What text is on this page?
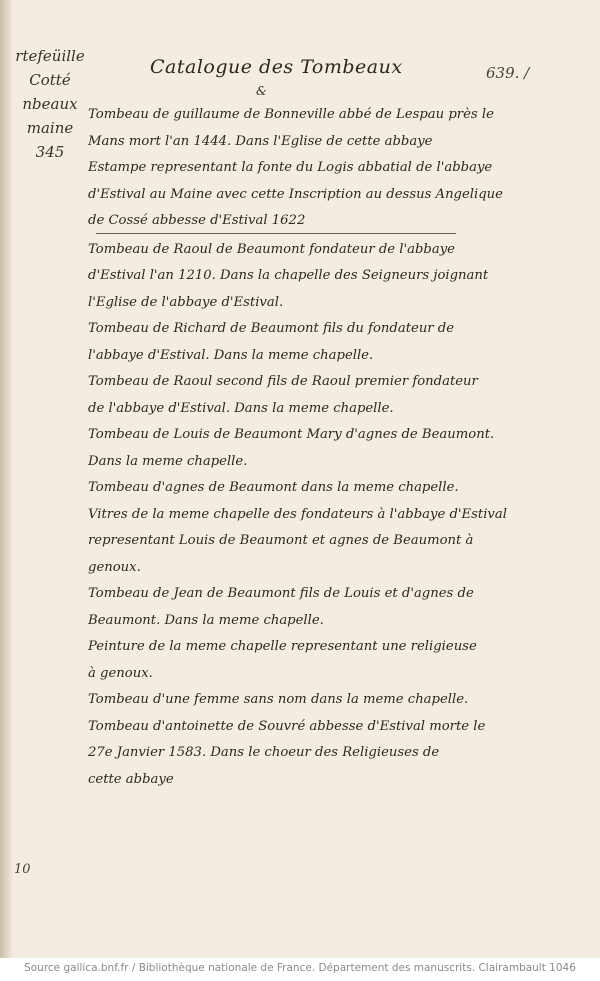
rtefeüille
Cotté
nbeaux
maine
345
Catalogue des Tombeaux
&
639. /
Tombeau de guillaume de Bonneville abbé de Lespau près le
Mans mort l'an 1444. Dans l'Eglise de cette abbaye
Estampe representant la fonte du Logis abbatial de l'abbaye
d'Estival au Maine avec cette Inscription au dessus Angelique
de Cossé abbesse d'Estival 1622
Tombeau de Raoul de Beaumont fondateur de l'abbaye
d'Estival l'an 1210. Dans la chapelle des Seigneurs joignant
l'Eglise de l'abbaye d'Estival.
Tombeau de Richard de Beaumont fils du fondateur de
l'abbaye d'Estival. Dans la meme chapelle.
Tombeau de Raoul second fils de Raoul premier fondateur
de l'abbaye d'Estival. Dans la meme chapelle.
Tombeau de Louis de Beaumont Mary d'agnes de Beaumont.
Dans la meme chapelle.
Tombeau d'agnes de Beaumont dans la meme chapelle.
Vitres de la meme chapelle des fondateurs à l'abbaye d'Estival
representant Louis de Beaumont et agnes de Beaumont à
genoux.
Tombeau de Jean de Beaumont fils de Louis et d'agnes de
Beaumont. Dans la meme chapelle.
Peinture de la meme chapelle representant une religieuse
à genoux.
Tombeau d'une femme sans nom dans la meme chapelle.
Tombeau d'antoinette de Souvré abbesse d'Estival morte le
27e Janvier 1583. Dans le choeur des Religieuses de
cette abbaye
10
Source gallica.bnf.fr / Bibliothèque nationale de France. Département des manuscrits. Clairambault 1046
